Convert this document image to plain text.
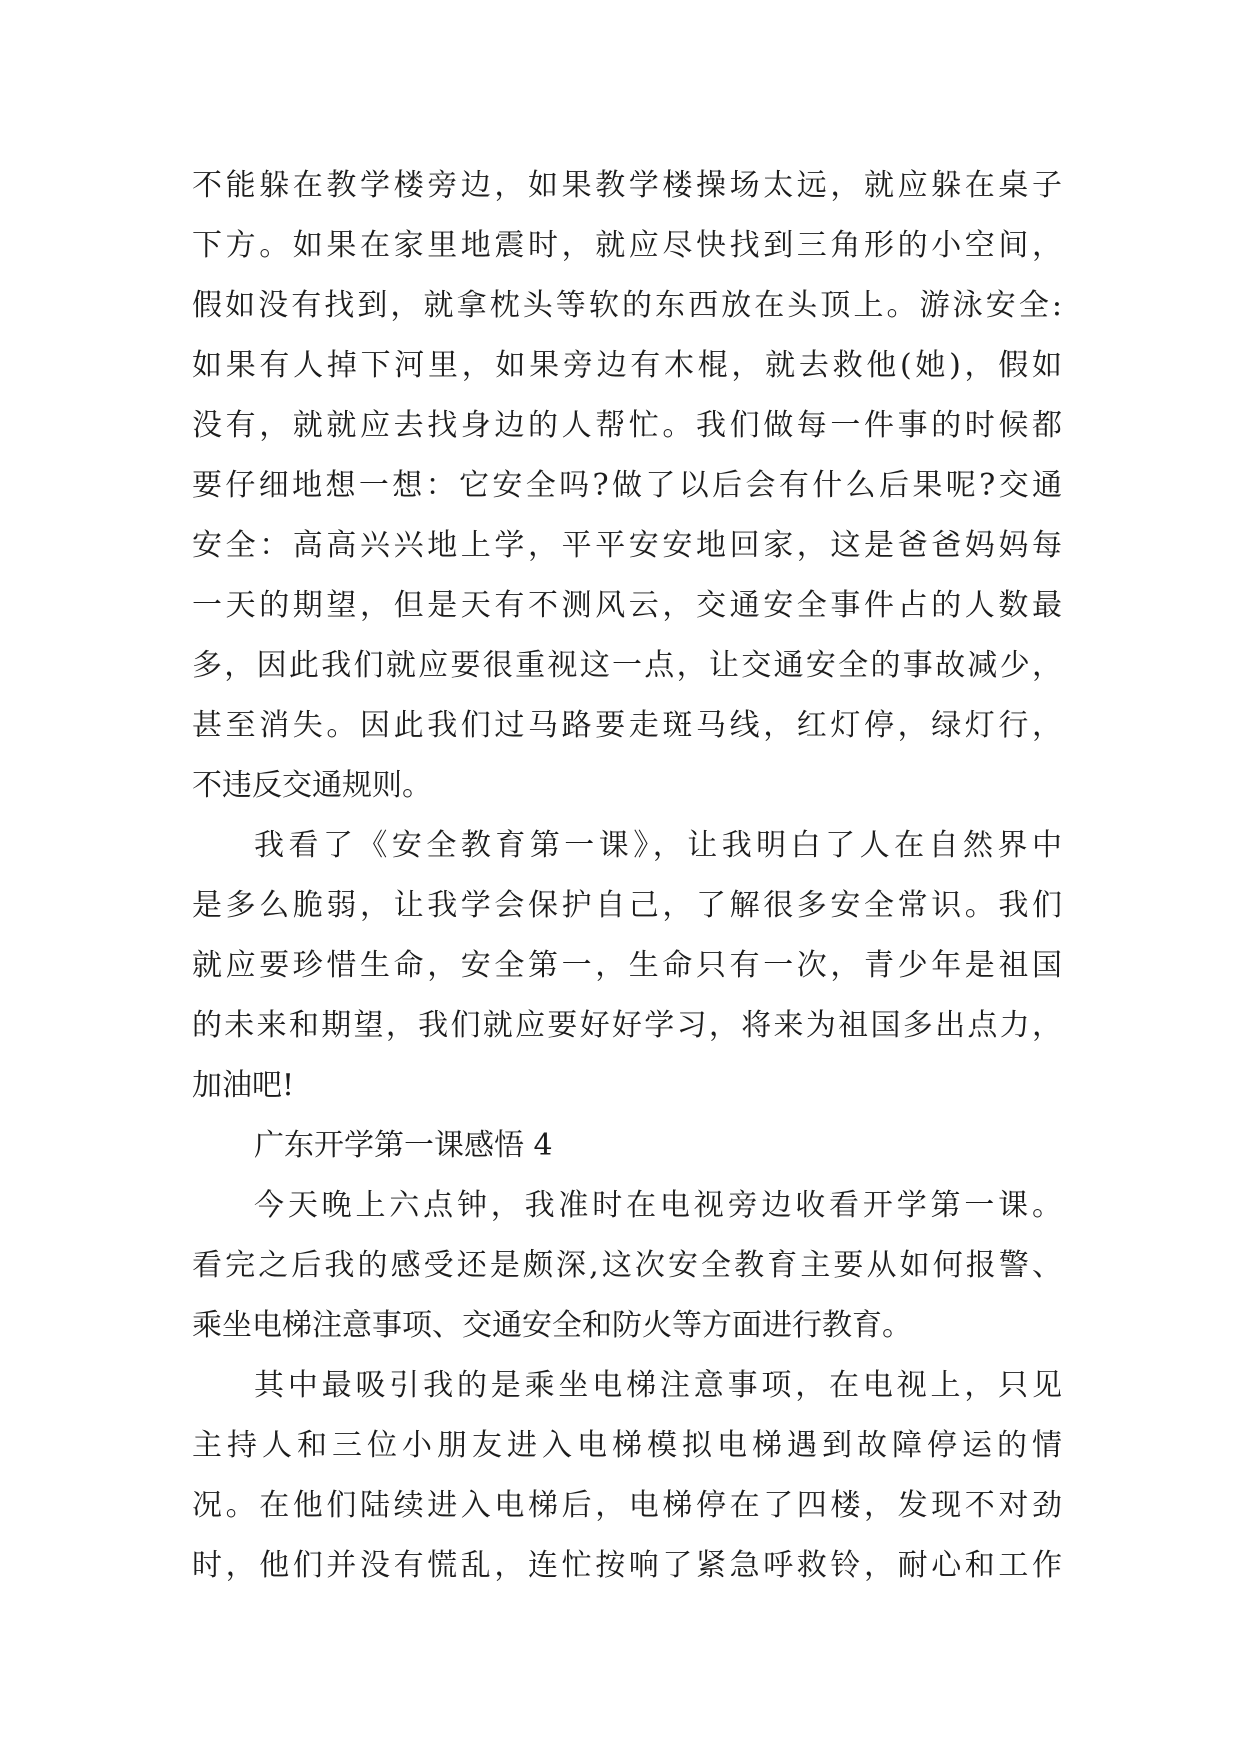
不能躲在教学楼旁边，如果教学楼操场太远，就应躲在桌子
下方。如果在家里地震时，就应尽快找到三角形的小空间，
假如没有找到，就拿枕头等软的东西放在头顶上。游泳安全:
如果有人掉下河里，如果旁边有木棍，就去救他(她)，假如
没有，就就应去找身边的人帮忙。我们做每一件事的时候都
要仔细地想一想：它安全吗?做了以后会有什么后果呢?交通
安全：高高兴兴地上学，平平安安地回家，这是爸爸妈妈每
一天的期望，但是天有不测风云，交通安全事件占的人数最
多，因此我们就应要很重视这一点，让交通安全的事故减少，
甚至消失。因此我们过马路要走斑马线，红灯停，绿灯行，
不违反交通规则。
我看了《安全教育第一课》，让我明白了人在自然界中
是多么脆弱，让我学会保护自己，了解很多安全常识。我们
就应要珍惜生命，安全第一，生命只有一次，青少年是祖国
的未来和期望，我们就应要好好学习，将来为祖国多出点力，
加油吧!
广东开学第一课感悟 4
今天晚上六点钟，我准时在电视旁边收看开学第一课。
看完之后我的感受还是颇深,这次安全教育主要从如何报警、
乘坐电梯注意事项、交通安全和防火等方面进行教育。
其中最吸引我的是乘坐电梯注意事项，在电视上，只见
主持人和三位小朋友进入电梯模拟电梯遇到故障停运的情
况。在他们陆续进入电梯后，电梯停在了四楼，发现不对劲
时，他们并没有慌乱，连忙按响了紧急呼救铃，耐心和工作
